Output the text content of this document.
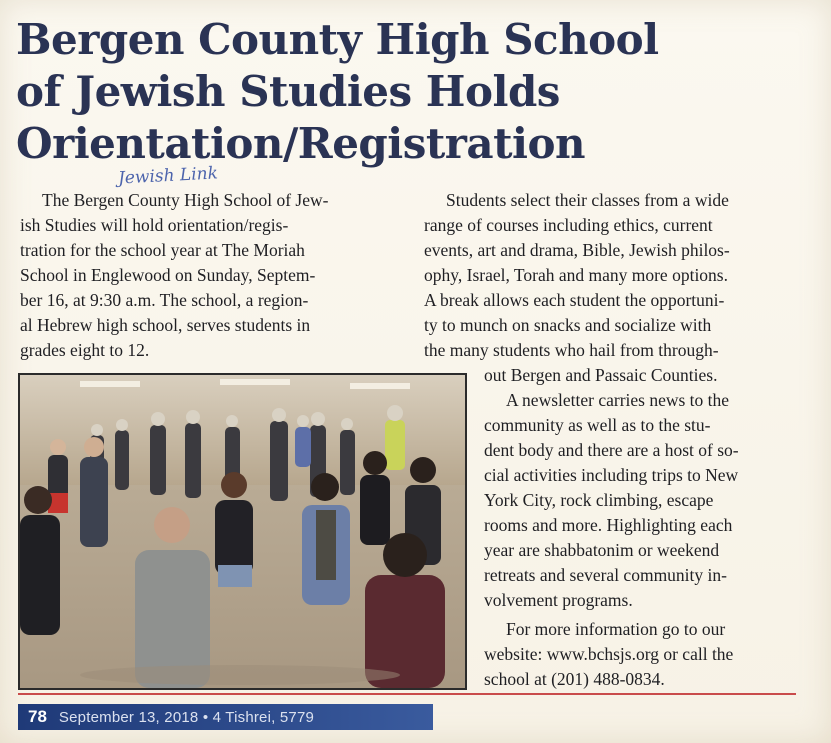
Bergen County High School
of Jewish Studies Holds
Orientation/Registration
Jewish Link
The Bergen County High School of Jew-
ish Studies will hold orientation/regis-
tration for the school year at The Moriah
School in Englewood on Sunday, Septem-
ber 16, at 9:30 a.m. The school, a region-
al Hebrew high school, serves students in
grades eight to 12.
Students select their classes from a wide
range of courses including ethics, current
events, art and drama, Bible, Jewish philos-
ophy, Israel, Torah and many more options.
A break allows each student the opportuni-
ty to munch on snacks and socialize with
the many students who hail from through-
out Bergen and Passaic Counties.
A newsletter carries news to the
community as well as to the stu-
dent body and there are a host of so-
cial activities including trips to New
York City, rock climbing, escape
rooms and more. Highlighting each
year are shabbatonim or weekend
retreats and several community in-
volvement programs.
For more information go to our
website: www.bchsjs.org or call the
school at (201) 488-0834.
78 September 13, 2018 • 4 Tishrei, 5779
